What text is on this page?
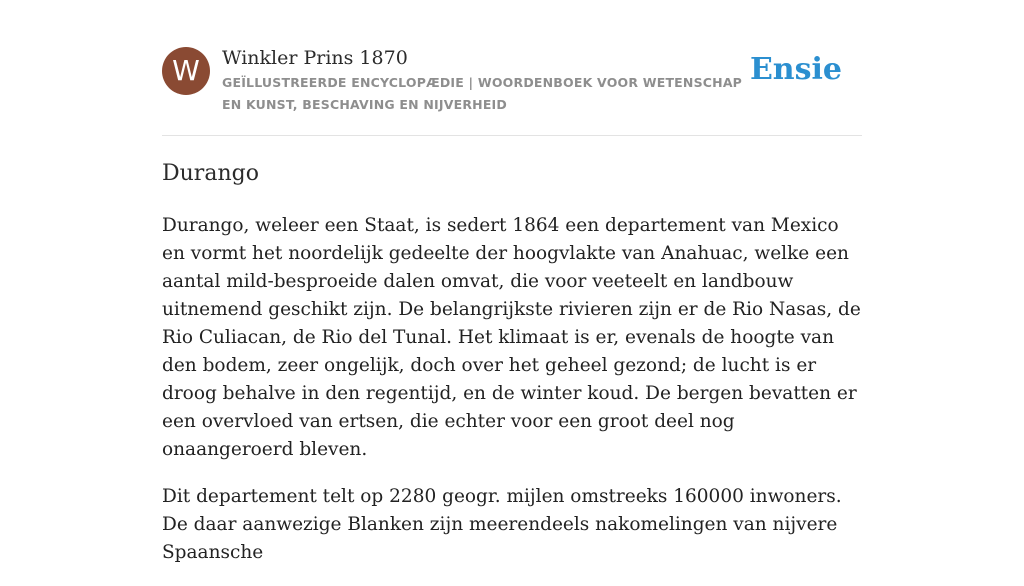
W	Winkler Prins 1870
GEÏLLUSTREERDE ENCYCLOPÆDIE | WOORDENBOEK VOOR WETENSCHAP EN KUNST, BESCHAVING EN NIJVERHEID
Ensie
Durango

Durango, weleer een Staat, is sedert 1864 een departement van Mexico en vormt het noordelijk gedeelte der hoogvlakte van Anahuac, welke een aantal mild-besproeide dalen omvat, die voor veeteelt en landbouw uitnemend geschikt zijn. De belangrijkste rivieren zijn er de Rio Nasas, de Rio Culiacan, de Rio del Tunal. Het klimaat is er, evenals de hoogte van den bodem, zeer ongelijk, doch over het geheel gezond; de lucht is er droog behalve in den regentijd, en de winter koud. De bergen bevatten er een overvloed van ertsen, die echter voor een groot deel nog onaangeroerd bleven.

Dit departement telt op 2280 geogr. mijlen omstreeks 160000 inwoners. De daar aanwezige Blanken zijn meerendeels nakomelingen van nijvere Spaansche
